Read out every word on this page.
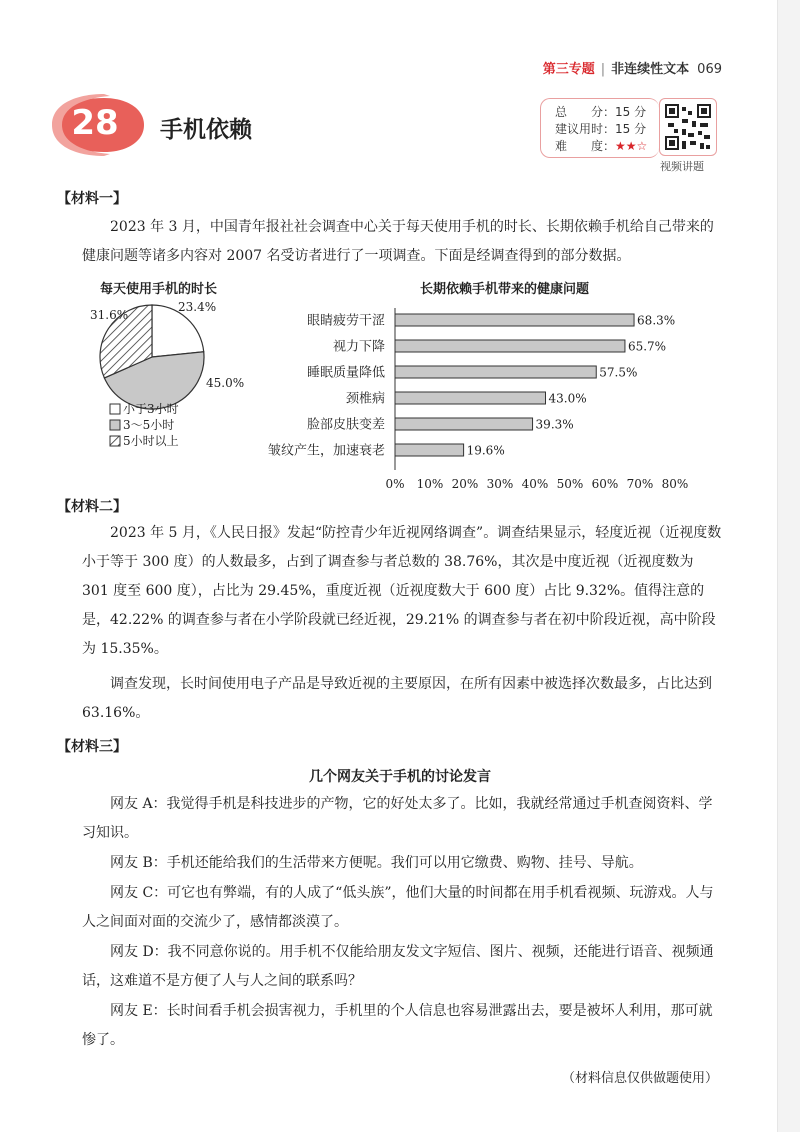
第三专题 | 非连续性文本 069
28	手机依赖
总　　分：15 分
建议用时：15 分
难　　度：★★☆
视频讲题
【材料一】
2023 年 3 月，中国青年报社社会调查中心关于每天使用手机的时长、长期依赖手机给自己带来的健康问题等诸多内容对 2007 名受访者进行了一项调查。下面是经调查得到的部分数据。
每天使用手机的时长	长期依赖手机带来的健康问题
23.4%
45.0%
31.6%
小于3小时
3～5小时
5小时以上
眼睛疲劳干涩
视力下降
睡眠质量降低
颈椎病
脸部皮肤变差
皱纹产生，加速衰老
68.3%
65.7%
57.5%
43.0%
39.3%
19.6%
0% 10% 20% 30% 40% 50% 60% 70% 80%
【材料二】
2023 年 5 月，《人民日报》发起“防控青少年近视网络调查”。调查结果显示，轻度近视（近视度数小于等于 300 度）的人数最多，占到了调查参与者总数的 38.76%，其次是中度近视（近视度数为 301 度至 600 度），占比为 29.45%，重度近视（近视度数大于 600 度）占比 9.32%。值得注意的是，42.22% 的调查参与者在小学阶段就已经近视，29.21% 的调查参与者在初中阶段近视，高中阶段为 15.35%。
调查发现，长时间使用电子产品是导致近视的主要原因，在所有因素中被选择次数最多，占比达到 63.16%。
【材料三】
几个网友关于手机的讨论发言
网友 A：我觉得手机是科技进步的产物，它的好处太多了。比如，我就经常通过手机查阅资料、学习知识。
网友 B：手机还能给我们的生活带来方便呢。我们可以用它缴费、购物、挂号、导航。
网友 C：可它也有弊端，有的人成了“低头族”，他们大量的时间都在用手机看视频、玩游戏。人与人之间面对面的交流少了，感情都淡漠了。
网友 D：我不同意你说的。用手机不仅能给朋友发文字短信、图片、视频，还能进行语音、视频通话，这难道不是方便了人与人之间的联系吗？
网友 E：长时间看手机会损害视力，手机里的个人信息也容易泄露出去，要是被坏人利用，那可就惨了。
（材料信息仅供做题使用）
